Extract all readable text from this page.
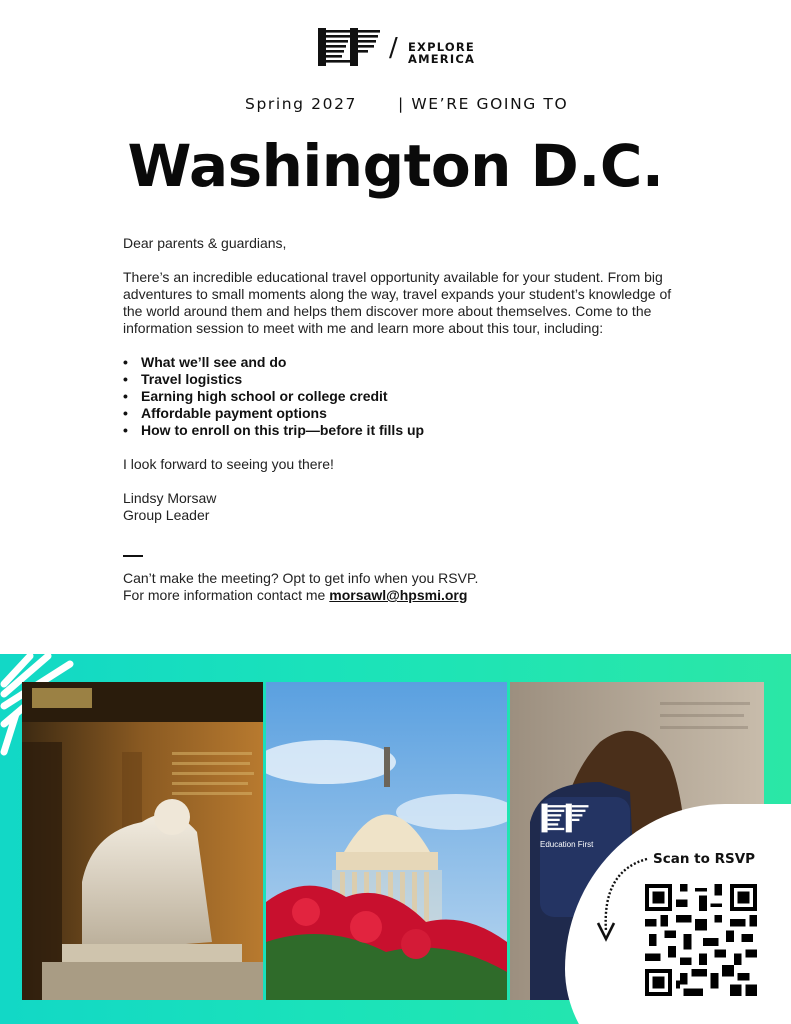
/ EXPLORE
AMERICA
Spring 2027	| WE’RE GOING TO
Washington D.C.

Dear parents & guardians,

There’s an incredible educational travel opportunity available for your student. From big adventures to small moments along the way, travel expands your student’s knowledge of the world around them and helps them discover more about themselves. Come to the information session to meet with me and learn more about this tour, including:

• What we’ll see and do
• Travel logistics
• Earning high school or college credit
• Affordable payment options
• How to enroll on this trip—before it fills up

I look forward to seeing you there!

Lindsy Morsaw
Group Leader

Can’t make the meeting? Opt to get info when you RSVP.
For more information contact me morsawl@hpsmi.org

Education First
Scan to RSVP
